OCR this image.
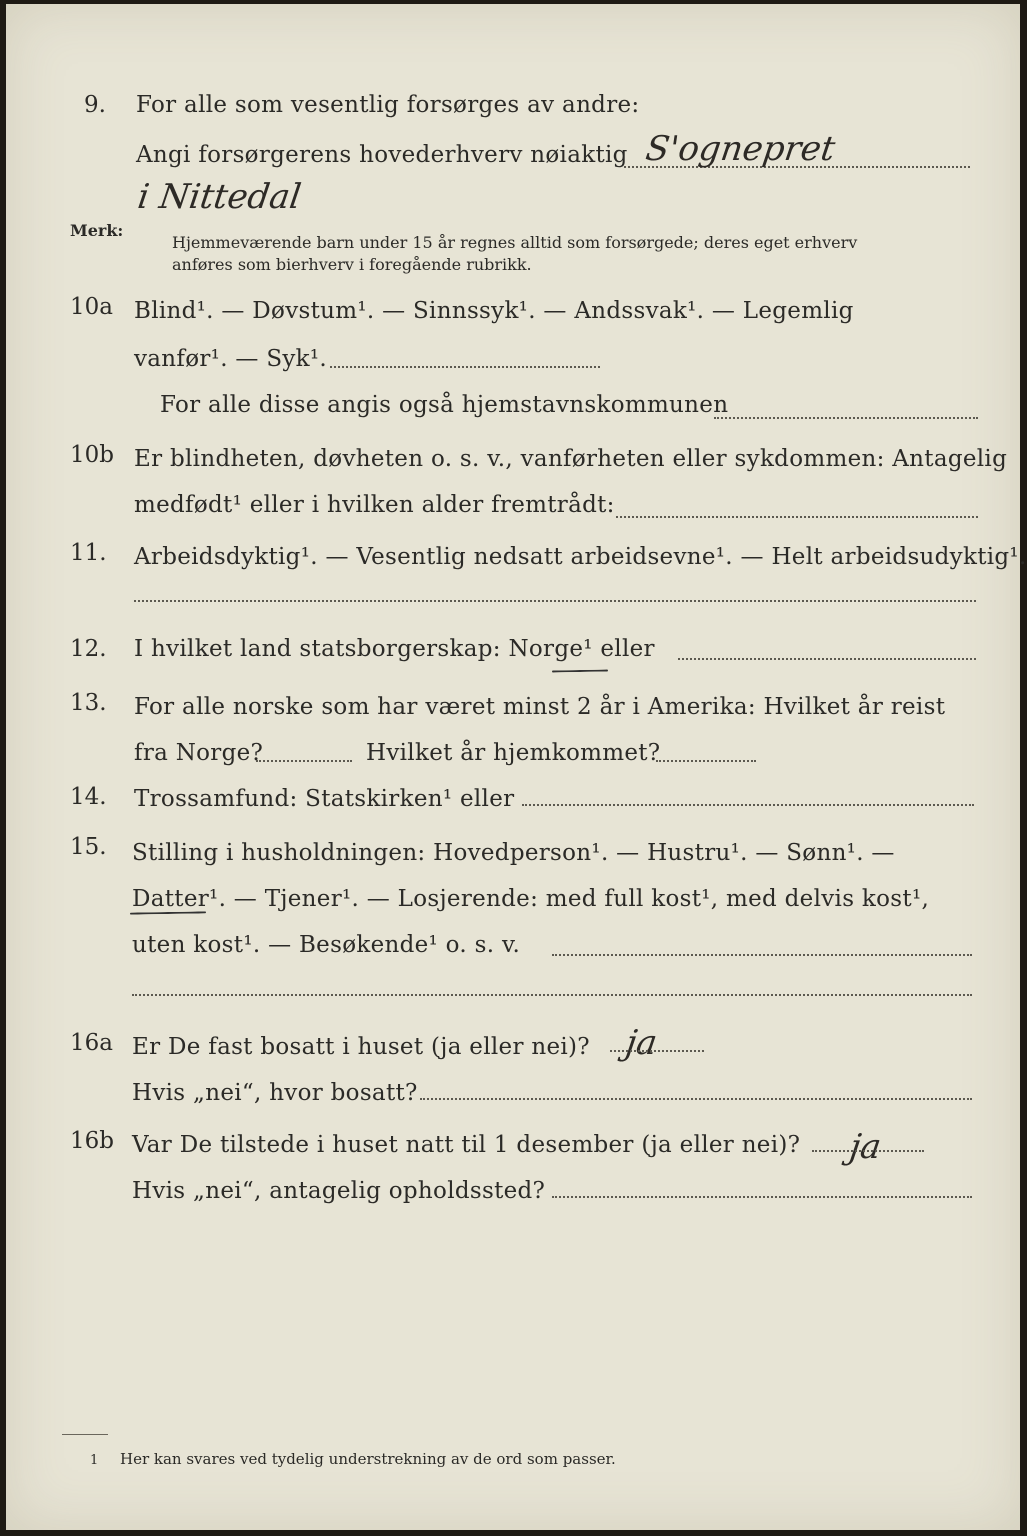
9. For alle som vesentlig forsørges av andre:
Angi forsørgerens hovederhverv nøiaktig S'ognepret
i Nittedal
Merk:
Hjemmeværende barn under 15 år regnes alltid som forsørgede; deres eget erhverv
anføres som bierhverv i foregående rubrikk.
10a Blind¹. — Døvstum¹. — Sinnssyk¹. — Andssvak¹. — Legemlig
vanfør¹. — Syk¹.
For alle disse angis også hjemstavnskommunen
10b Er blindheten, døvheten o. s. v., vanførheten eller sykdommen: Antagelig
medfødt¹ eller i hvilken alder fremtrådt:
11. Arbeidsdyktig¹. — Vesentlig nedsatt arbeidsevne¹. — Helt arbeidsudyktig¹.
12. I hvilket land statsborgerskap: Norge¹ eller
13. For alle norske som har været minst 2 år i Amerika: Hvilket år reist
fra Norge?	Hvilket år hjemkommet?
14. Trossamfund: Statskirken¹ eller
15. Stilling i husholdningen: Hovedperson¹. — Hustru¹. — Sønn¹. —
Datter¹. — Tjener¹. — Losjerende: med full kost¹, med delvis kost¹,
uten kost¹. — Besøkende¹ o. s. v.
16a Er De fast bosatt i huset (ja eller nei)? ja
Hvis „nei“, hvor bosatt?
16b Var De tilstede i huset natt til 1 desember (ja eller nei)? ja
Hvis „nei“, antagelig opholdssted?
1 Her kan svares ved tydelig understrekning av de ord som passer.
